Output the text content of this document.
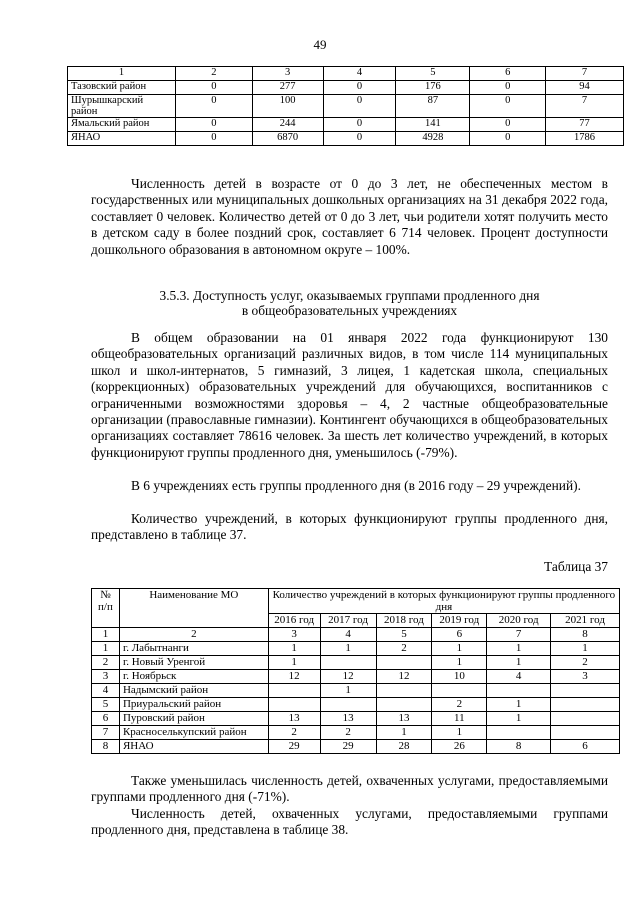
49
1	2	3	4	5	6	7
Тазовский район	0	277	0	176	0	94
Шурышкарский район	0	100	0	87	0	7
Ямальский район	0	244	0	141	0	77
ЯНАО	0	6870	0	4928	0	1786

Численность детей в возрасте от 0 до 3 лет, не обеспеченных местом в государственных или муниципальных дошкольных организациях на 31 декабря 2022 года, составляет 0 человек. Количество детей от 0 до 3 лет, чьи родители хотят получить место в детском саду в более поздний срок, составляет 6 714 человек. Процент доступности дошкольного образования в автономном округе – 100%.

3.5.3. Доступность услуг, оказываемых группами продленного дня
в общеобразовательных учреждениях

В общем образовании на 01 января 2022 года функционируют 130 общеобразовательных организаций различных видов, в том числе 114 муниципальных школ и школ-интернатов, 5 гимназий, 3 лицея, 1 кадетская школа, специальных (коррекционных) образовательных учреждений для обучающихся, воспитанников с ограниченными возможностями здоровья – 4, 2 частные общеобразовательные организации (православные гимназии). Контингент обучающихся в общеобразовательных организациях составляет 78616 человек. За шесть лет количество учреждений, в которых функционируют группы продленного дня, уменьшилось (-79%).

В 6 учреждениях есть группы продленного дня (в 2016 году – 29 учреждений).

Количество учреждений, в которых функционируют группы продленного дня, представлено в таблице 37.

Таблица 37
№ п/п	Наименование МО	Количество учреждений в которых функционируют группы продленного дня					
		2016 год	2017 год	2018 год	2019 год	2020 год	2021 год
1	2	3	4	5	6	7	8
1	г. Лабытнанги	1	1	2	1	1	1
2	г. Новый Уренгой	1			1	1	2
3	г. Ноябрьск	12	12	12	10	4	3
4	Надымский район		1				
5	Приуральский район				2	1	
6	Пуровский район	13	13	13	11	1	
7	Красноселькупский район	2	2	1	1		
8	ЯНАО	29	29	28	26	8	6

Также уменьшилась численность детей, охваченных услугами, предоставляемыми группами продленного дня (-71%).

Численность детей, охваченных услугами, предоставляемыми группами продленного дня, представлена в таблице 38.
